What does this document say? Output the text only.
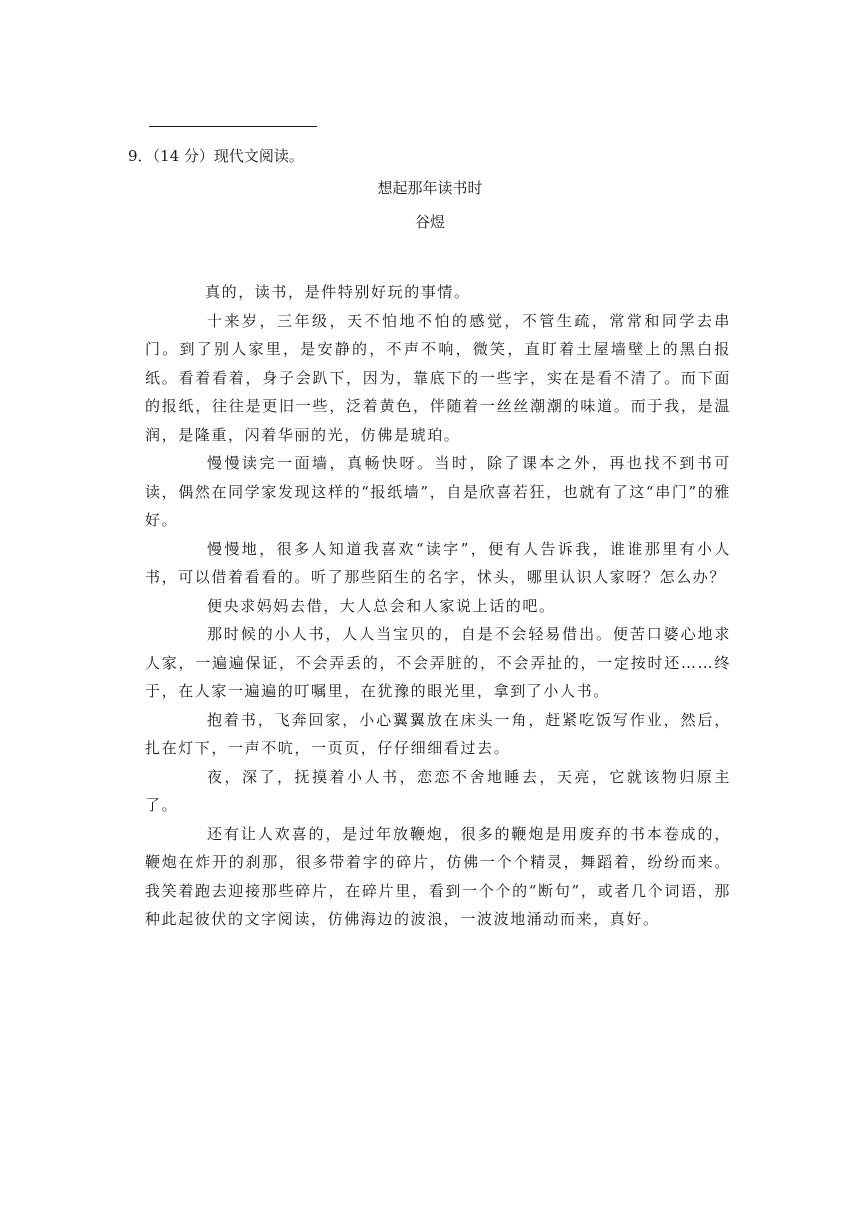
9．（14 分）现代文阅读。
想起那年读书时
谷煜

真的，读书，是件特别好玩的事情。

十来岁，三年级，天不怕地不怕的感觉，不管生疏，常常和同学去串门。到了别人家里，是安静的，不声不响，微笑，直盯着土屋墙壁上的黑白报纸。看着看着，身子会趴下，因为，靠底下的一些字，实在是看不清了。而下面的报纸，往往是更旧一些，泛着黄色，伴随着一丝丝潮潮的味道。而于我，是温润，是隆重，闪着华丽的光，仿佛是琥珀。

慢慢读完一面墙，真畅快呀。当时，除了课本之外，再也找不到书可读，偶然在同学家发现这样的“报纸墙”，自是欣喜若狂，也就有了这“串门”的雅好。

慢慢地，很多人知道我喜欢“读字”，便有人告诉我，谁谁那里有小人书，可以借着看看的。听了那些陌生的名字，怵头，哪里认识人家呀？怎么办？

便央求妈妈去借，大人总会和人家说上话的吧。

那时候的小人书，人人当宝贝的，自是不会轻易借出。便苦口婆心地求人家，一遍遍保证，不会弄丢的，不会弄脏的，不会弄扯的，一定按时还……终于，在人家一遍遍的叮嘱里，在犹豫的眼光里，拿到了小人书。

抱着书，飞奔回家，小心翼翼放在床头一角，赶紧吃饭写作业，然后，扎在灯下，一声不吭，一页页，仔仔细细看过去。

夜，深了，抚摸着小人书，恋恋不舍地睡去，天亮，它就该物归原主了。

还有让人欢喜的，是过年放鞭炮，很多的鞭炮是用废弃的书本卷成的，鞭炮在炸开的刹那，很多带着字的碎片，仿佛一个个精灵，舞蹈着，纷纷而来。我笑着跑去迎接那些碎片，在碎片里，看到一个个的“断句”，或者几个词语，那种此起彼伏的文字阅读，仿佛海边的波浪，一波波地涌动而来，真好。
